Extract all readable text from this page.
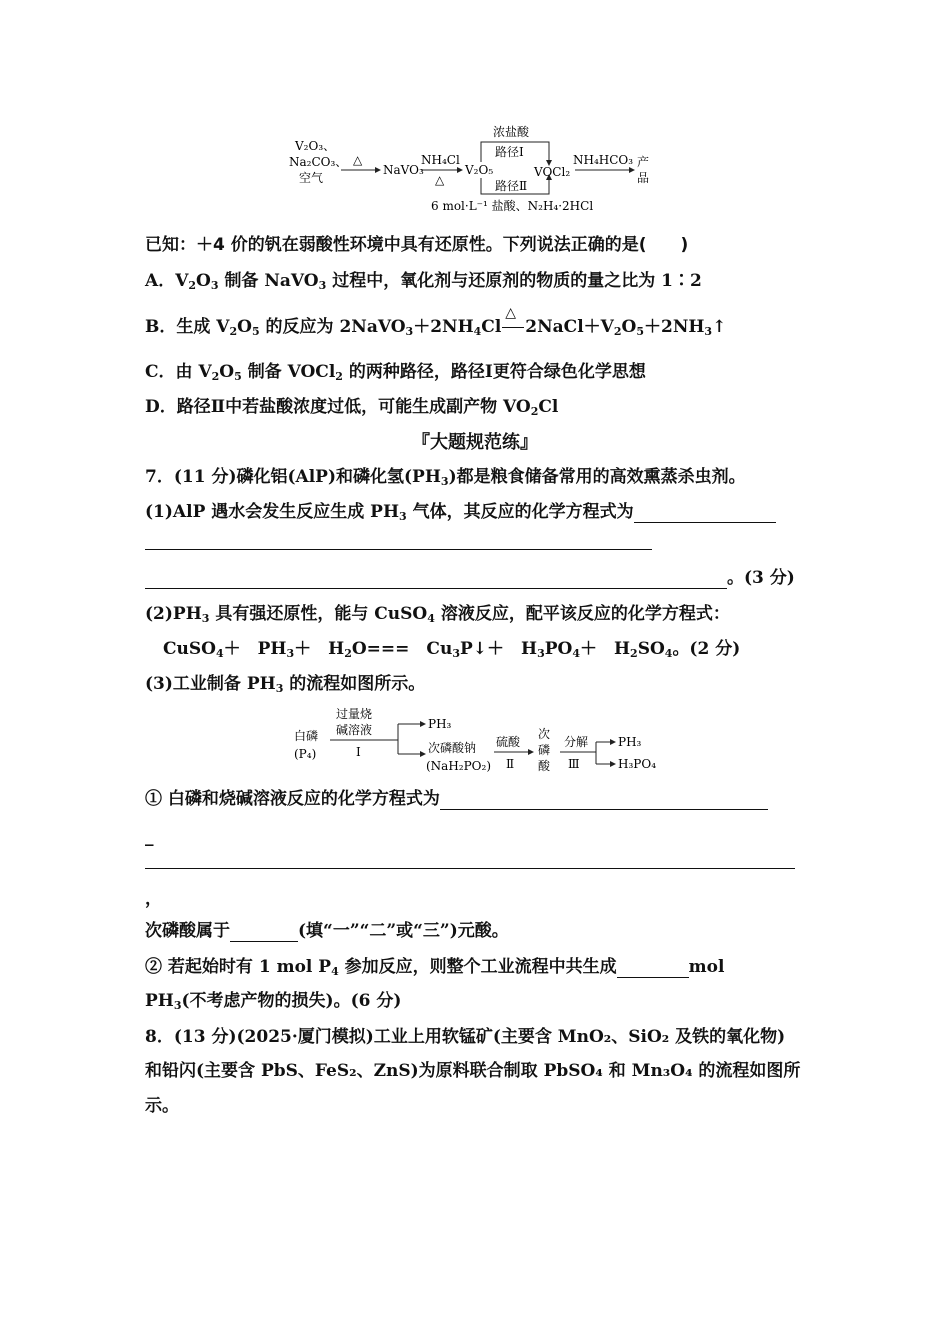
V₂O₃、
Na₂CO₃、
空气
△
NaVO₃
NH₄Cl
△
V₂O₅
浓盐酸
路径Ⅰ
路径Ⅱ
VOCl₂
NH₄HCO₃ 产
品
6 mol·L⁻¹ 盐酸、N₂H₄·2HCl
已知：＋4 价的钒在弱酸性环境中具有还原性。下列说法正确的是(　　)
A．$V_2O_3$ 制备 NaVO$_3$ 过程中，氧化剂与还原剂的物质的量之比为 1∶2
B．生成 $V_2O_5$ 的反应为 $2NaVO_3+2NH_4Cl$
△
$2NaCl+V_2O_5+2NH_3↑$
C．由 $V_2O_5$ 制备 VOCl$_2$ 的两种路径，路径Ⅰ更符合绿色化学思想
D．路径Ⅱ中若盐酸浓度过低，可能生成副产物 $VO_2Cl$
『大题规范练』
7．(11 分)磷化铝(AlP)和磷化氢$(PH_3)$都是粮食储备常用的高效熏蒸杀虫剂。
(1)AlP 遇水会发生反应生成 $PH_3$ 气体，其反应的化学方程式为
。(3 分)
$(2)PH_3$ 具有强还原性，能与 CuSO$_4$ 溶液反应，配平该反应的化学方程式：
CuSO$_4$＋　$PH_3+$　$H_2O===$　$Cu_3P↓+$　$H_3PO_4+$　$H_2SO_4$。(2 分)
(3)工业制备 $PH_3$ 的流程如图所示。
白磷
(P₄)
过量烧
碱溶液
Ⅰ
PH₃
次磷酸钠
(NaH₂PO₂)
硫酸
Ⅱ
次
磷
酸
分解
Ⅲ
PH₃
H₃PO₄
① 白磷和烧碱溶液反应的化学方程式为
_
，
次磷酸属于	(填“一”“二”或“三”)元酸。
② 若起始时有 1 mol $P_4$ 参加反应，则整个工业流程中共生成	mol
$PH_3$(不考虑产物的损失)。(6 分)
8．(13 分)(2025·厦门模拟)工业上用软锰矿(主要含 MnO₂、SiO₂ 及铁的氧化物)
和铅闪(主要含 PbS、FeS₂、ZnS)为原料联合制取 PbSO₄ 和 Mn₃O₄ 的流程如图所
示。
